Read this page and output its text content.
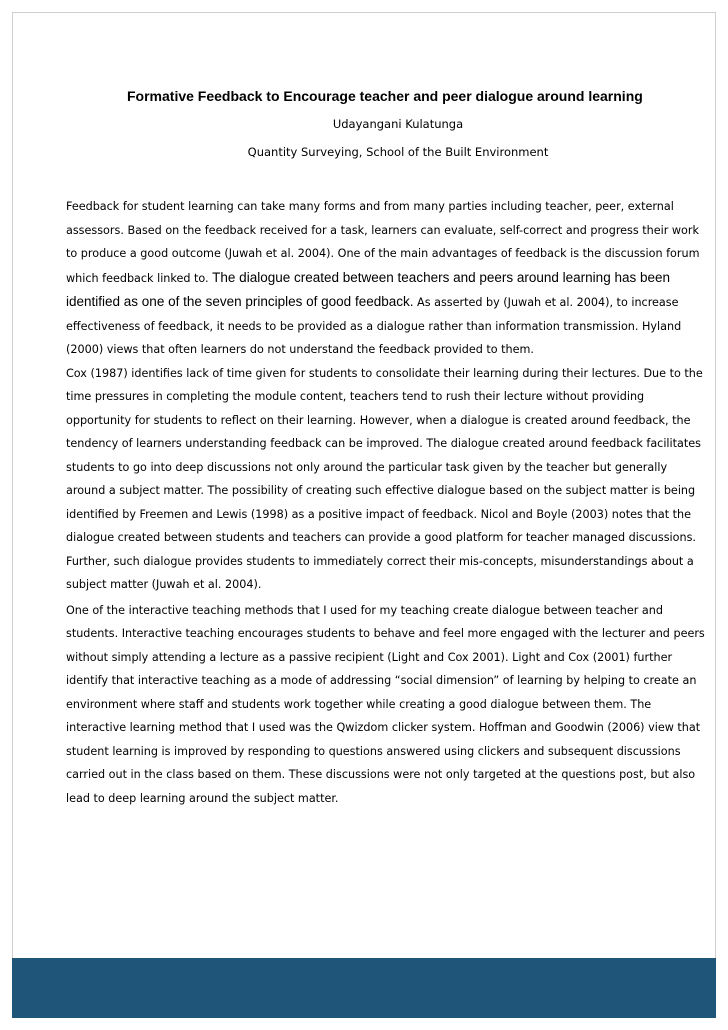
Formative Feedback to Encourage teacher and peer dialogue around learning
Udayangani Kulatunga
Quantity Surveying, School of the Built Environment

Feedback for student learning can take many forms and from many parties including teacher, peer, external assessors. Based on the feedback received for a task, learners can evaluate, self-correct and progress their work to produce a good outcome (Juwah et al. 2004). One of the main advantages of feedback is the discussion forum which feedback linked to. The dialogue created between teachers and peers around learning has been identified as one of the seven principles of good feedback. As asserted by (Juwah et al. 2004), to increase effectiveness of feedback, it needs to be provided as a dialogue rather than information transmission. Hyland (2000) views that often learners do not understand the feedback provided to them.

Cox (1987) identifies lack of time given for students to consolidate their learning during their lectures. Due to the time pressures in completing the module content, teachers tend to rush their lecture without providing opportunity for students to reflect on their learning. However, when a dialogue is created around feedback, the tendency of learners understanding feedback can be improved. The dialogue created around feedback facilitates students to go into deep discussions not only around the particular task given by the teacher but generally around a subject matter. The possibility of creating such effective dialogue based on the subject matter is being identified by Freemen and Lewis (1998) as a positive impact of feedback. Nicol and Boyle (2003) notes that the dialogue created between students and teachers can provide a good platform for teacher managed discussions. Further, such dialogue provides students to immediately correct their mis-concepts, misunderstandings about a subject matter (Juwah et al. 2004).

One of the interactive teaching methods that I used for my teaching create dialogue between teacher and students. Interactive teaching encourages students to behave and feel more engaged with the lecturer and peers without simply attending a lecture as a passive recipient (Light and Cox 2001). Light and Cox (2001) further identify that interactive teaching as a mode of addressing “social dimension” of learning by helping to create an environment where staff and students work together while creating a good dialogue between them. The interactive learning method that I used was the Qwizdom clicker system. Hoffman and Goodwin (2006) view that student learning is improved by responding to questions answered using clickers and subsequent discussions carried out in the class based on them. These discussions were not only targeted at the questions post, but also lead to deep learning around the subject matter.
